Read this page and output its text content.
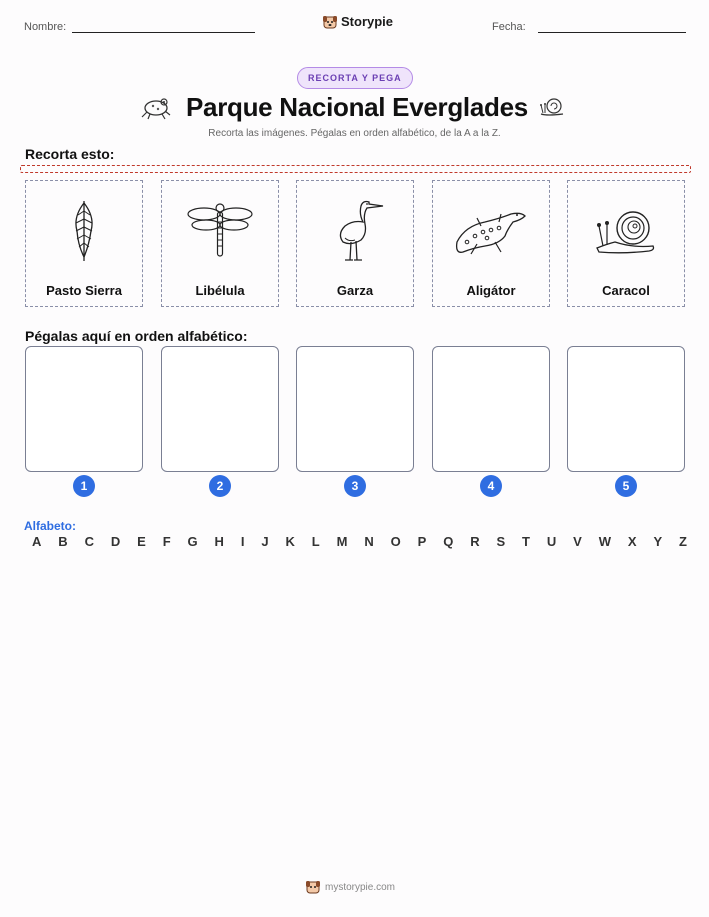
Nombre:	Storypie	Fecha:
RECORTA Y PEGA
Parque Nacional Everglades
Recorta las imágenes. Pégalas en orden alfabético, de la A a la Z.
Recorta esto:
Pasto Sierra	Libélula	Garza	Aligátor	Caracol
Pégalas aquí en orden alfabético:
1	2	3	4	5
Alfabeto:
A B C D E F G H I J K L M N O P Q R S T U V W X Y Z
mystorypie.com
